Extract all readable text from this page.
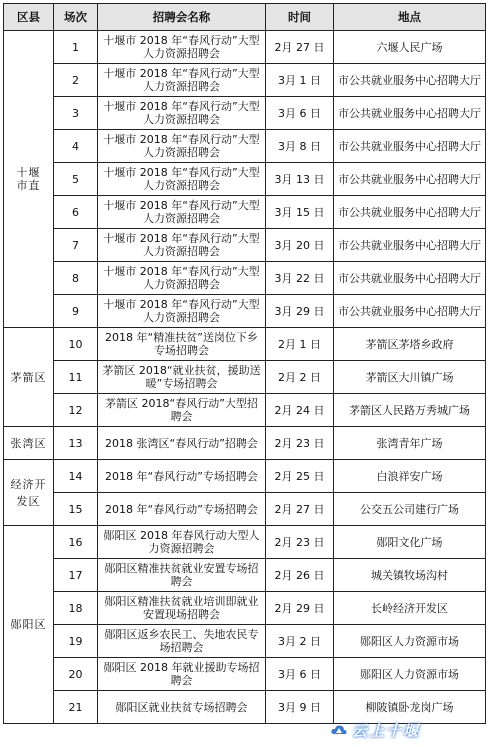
区县	场次	招聘会名称	时间	地点
十堰
市直	1	十堰市 2018 年“春风行动”大型人力资源招聘会	2月 27 日	六堰人民广场
	2	十堰市 2018 年“春风行动”大型人力资源招聘会	3月 1 日	市公共就业服务中心招聘大厅
	3	十堰市 2018 年“春风行动”大型人力资源招聘会	3月 6 日	市公共就业服务中心招聘大厅
	4	十堰市 2018 年“春风行动”大型人力资源招聘会	3月 8 日	市公共就业服务中心招聘大厅
	5	十堰市 2018 年“春风行动”大型人力资源招聘会	3月 13 日	市公共就业服务中心招聘大厅
	6	十堰市 2018 年“春风行动”大型人力资源招聘会	3月 15 日	市公共就业服务中心招聘大厅
	7	十堰市 2018 年“春风行动”大型人力资源招聘会	3月 20 日	市公共就业服务中心招聘大厅
	8	十堰市 2018 年“春风行动”大型人力资源招聘会	3月 22 日	市公共就业服务中心招聘大厅
	9	十堰市 2018 年“春风行动”大型人力资源招聘会	3月 29 日	市公共就业服务中心招聘大厅
茅箭区	10	2018 年“精准扶贫”送岗位下乡专场招聘会	2月 1 日	茅箭区茅塔乡政府
	11	茅箭区 2018“就业扶贫，援助送暖”专场招聘会	2月 2 日	茅箭区大川镇广场
	12	茅箭区 2018“春风行动”大型招聘会	2月 24 日	茅箭区人民路万秀城广场
张湾区	13	2018 张湾区“春风行动”招聘会	2月 23 日	张湾青年广场
经济开
发区	14	2018 年“春风行动”专场招聘会	2月 25 日	白浪祥安广场
	15	2018 年“春风行动”专场招聘会	2月 27 日	公交五公司建行广场
郧阳区	16	郧阳区 2018 年春风行动大型人力资源招聘会	2月 23 日	郧阳文化广场
	17	郧阳区精准扶贫就业安置专场招聘会	2月 26 日	城关镇牧场沟村
	18	郧阳区精准扶贫就业培训即就业安置现场招聘会	2月 29 日	长岭经济开发区
	19	郧阳区返乡农民工、失地农民专场招聘会	3月 2 日	郧阳区人力资源市场
	20	郧阳区 2018 年就业援助专场招聘会	3月 6 日	郧阳区人力资源市场
	21	郧阳区就业扶贫专场招聘会	3月 9 日	柳陂镇卧龙岗广场
云上十堰
